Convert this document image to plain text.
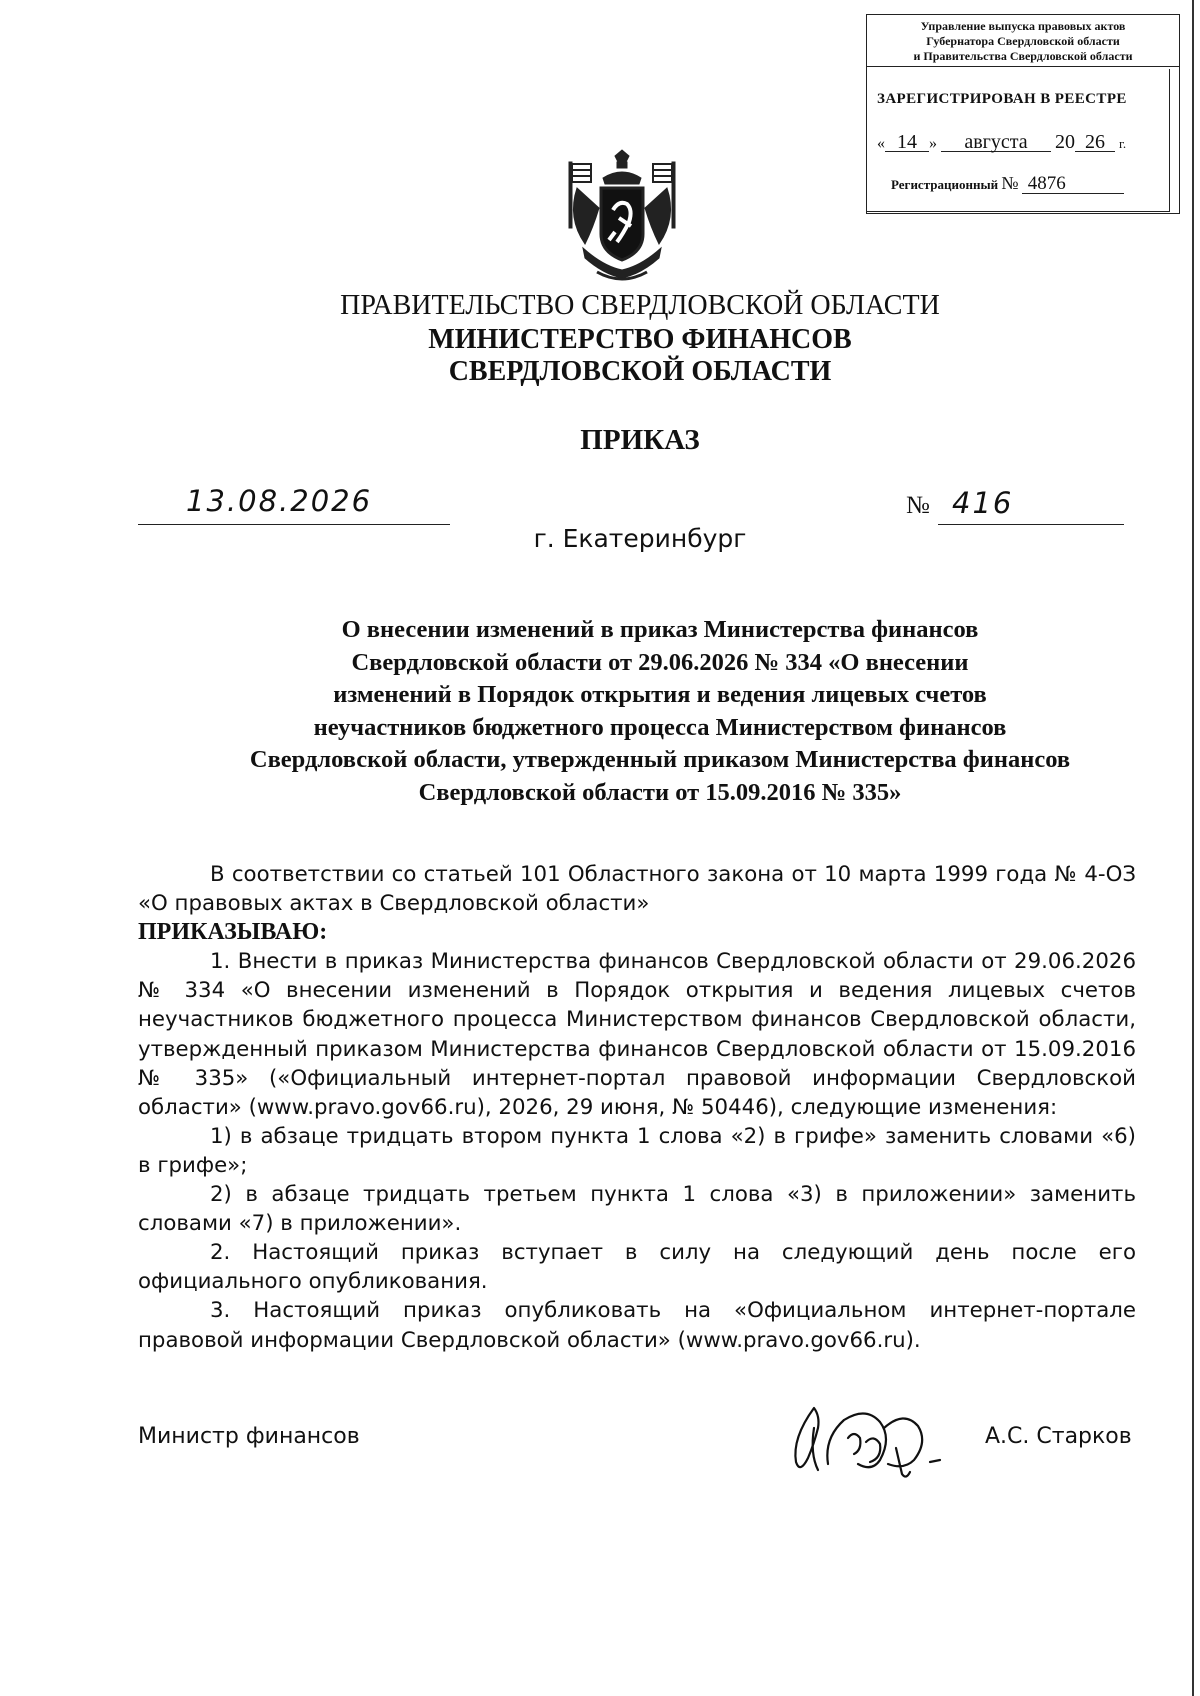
Управление выпуска правовых актов
Губернатора Свердловской области
и Правительства Свердловской области
ЗАРЕГИСТРИРОВАН В РЕЕСТРЕ
« 14 » августа 20 26 г.
Регистрационный № 4876
ПРАВИТЕЛЬСТВО СВЕРДЛОВСКОЙ ОБЛАСТИ
МИНИСТЕРСТВО ФИНАНСОВ
СВЕРДЛОВСКОЙ ОБЛАСТИ
ПРИКАЗ
13.08.2026	№ 416
г. Екатеринбург
О внесении изменений в приказ Министерства финансов
Свердловской области от 29.06.2026 № 334 «О внесении
изменений в Порядок открытия и ведения лицевых счетов
неучастников бюджетного процесса Министерством финансов
Свердловской области, утвержденный приказом Министерства финансов
Свердловской области от 15.09.2016 № 335»

В соответствии со статьей 101 Областного закона от 10 марта 1999 года № 4-ОЗ «О правовых актах в Свердловской области»

ПРИКАЗЫВАЮ:

1. Внести в приказ Министерства финансов Свердловской области от 29.06.2026 № 334 «О внесении изменений в Порядок открытия и ведения лицевых счетов неучастников бюджетного процесса Министерством финансов Свердловской области, утвержденный приказом Министерства финансов Свердловской области от 15.09.2016 № 335» («Официальный интернет-портал правовой информации Свердловской области» (www.pravo.gov66.ru), 2026, 29 июня, № 50446), следующие изменения:

1) в абзаце тридцать втором пункта 1 слова «2) в грифе» заменить словами «6) в грифе»;

2) в абзаце тридцать третьем пункта 1 слова «3) в приложении» заменить словами «7) в приложении».

2. Настоящий приказ вступает в силу на следующий день после его официального опубликования.

3. Настоящий приказ опубликовать на «Официальном интернет-портале правовой информации Свердловской области» (www.pravo.gov66.ru).

Министр финансов	А.С. Старков
